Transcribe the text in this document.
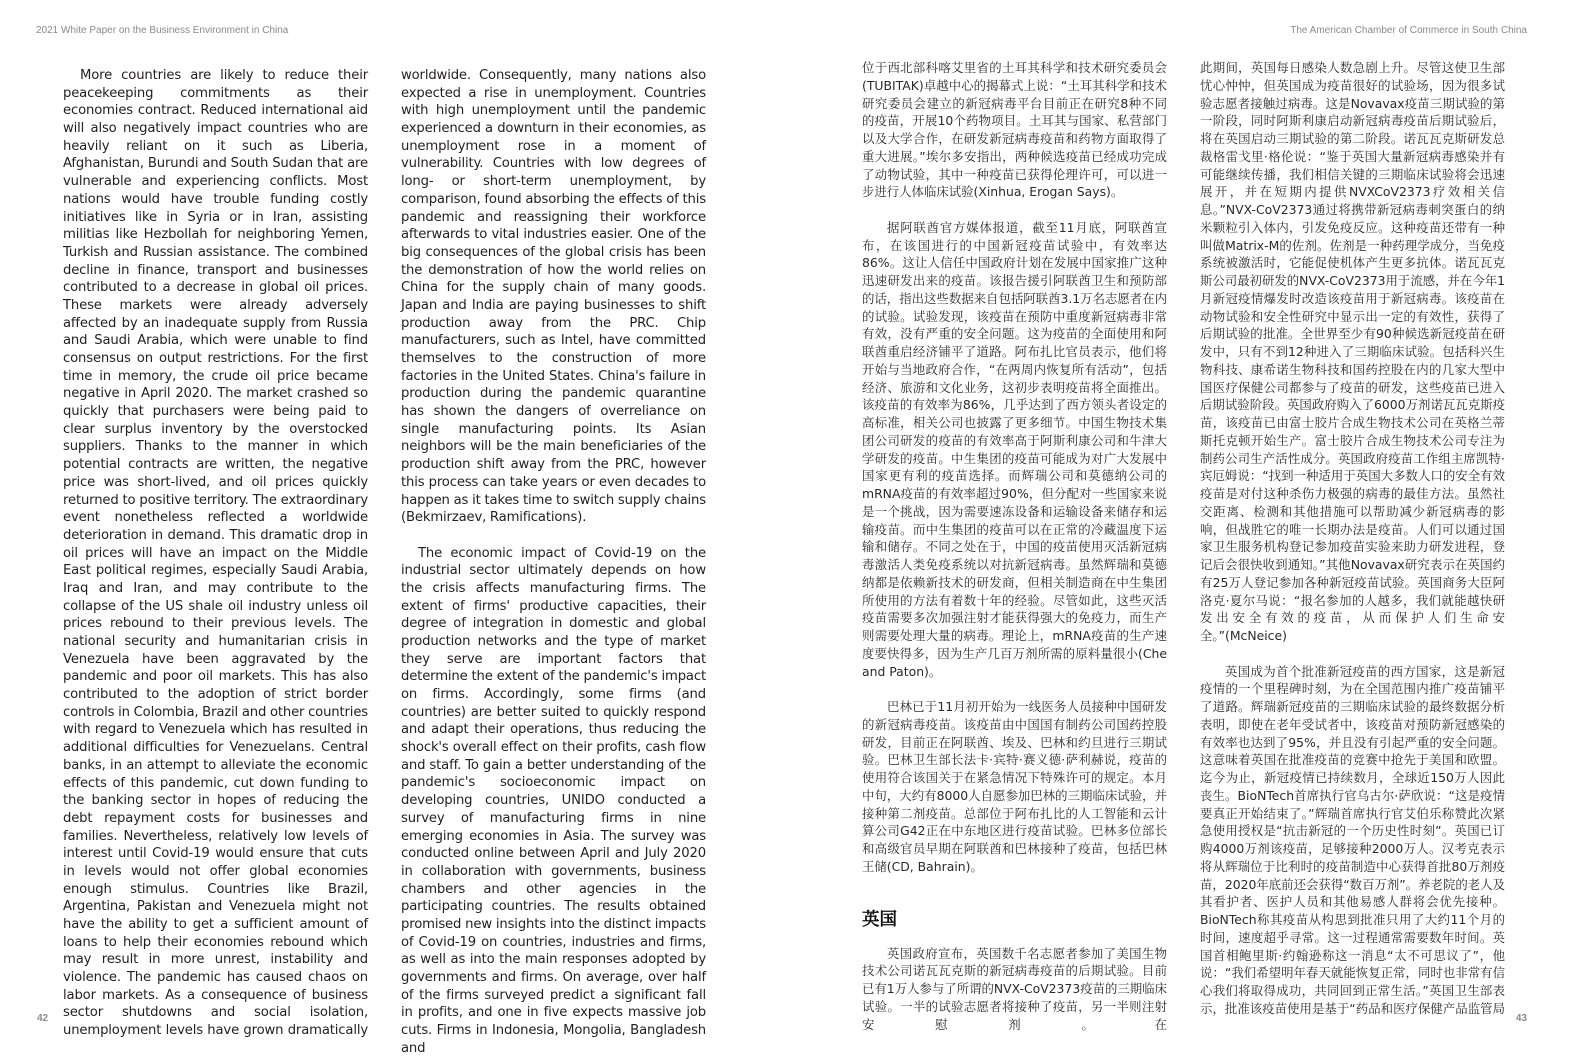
2021 White Paper on the Business Environment in China	The American Chamber of Commerce in South China

More countries are likely to reduce their peacekeeping commitments as their economies contract. Reduced international aid will also negatively impact countries who are heavily reliant on it such as Liberia, Afghanistan, Burundi and South Sudan that are vulnerable and experiencing conflicts. Most nations would have trouble funding costly initiatives like in Syria or in Iran, assisting militias like Hezbollah for neighboring Yemen, Turkish and Russian assistance. The combined decline in finance, transport and businesses contributed to a decrease in global oil prices. These markets were already adversely affected by an inadequate supply from Russia and Saudi Arabia, which were unable to find consensus on output restrictions. For the first time in memory, the crude oil price became negative in April 2020. The market crashed so quickly that purchasers were being paid to clear surplus inventory by the overstocked suppliers. Thanks to the manner in which potential contracts are written, the negative price was short-lived, and oil prices quickly returned to positive territory. The extraordinary event nonetheless reflected a worldwide deterioration in demand. This dramatic drop in oil prices will have an impact on the Middle East political regimes, especially Saudi Arabia, Iraq and Iran, and may contribute to the collapse of the US shale oil industry unless oil prices rebound to their previous levels. The national security and humanitarian crisis in Venezuela have been aggravated by the pandemic and poor oil markets. This has also contributed to the adoption of strict border controls in Colombia, Brazil and other countries with regard to Venezuela which has resulted in additional difficulties for Venezuelans. Central banks, in an attempt to alleviate the economic effects of this pandemic, cut down funding to the banking sector in hopes of reducing the debt repayment costs for businesses and families. Nevertheless, relatively low levels of interest until Covid-19 would ensure that cuts in levels would not offer global economies enough stimulus. Countries like Brazil, Argentina, Pakistan and Venezuela might not have the ability to get a sufficient amount of loans to help their economies rebound which may result in more unrest, instability and violence. The pandemic has caused chaos on labor markets. As a consequence of business sector shutdowns and social isolation, unemployment levels have grown dramatically

worldwide. Consequently, many nations also expected a rise in unemployment. Countries with high unemployment until the pandemic experienced a downturn in their economies, as unemployment rose in a moment of vulnerability. Countries with low degrees of long- or short-term unemployment, by comparison, found absorbing the effects of this pandemic and reassigning their workforce afterwards to vital industries easier. One of the big consequences of the global crisis has been the demonstration of how the world relies on China for the supply chain of many goods. Japan and India are paying businesses to shift production away from the PRC. Chip manufacturers, such as Intel, have committed themselves to the construction of more factories in the United States. China's failure in production during the pandemic quarantine has shown the dangers of overreliance on single manufacturing points. Its Asian neighbors will be the main beneficiaries of the production shift away from the PRC, however this process can take years or even decades to happen as it takes time to switch supply chains (Bekmirzaev, Ramifications).

The economic impact of Covid-19 on the industrial sector ultimately depends on how the crisis affects manufacturing firms. The extent of firms' productive capacities, their degree of integration in domestic and global production networks and the type of market they serve are important factors that determine the extent of the pandemic's impact on firms. Accordingly, some firms (and countries) are better suited to quickly respond and adapt their operations, thus reducing the shock's overall effect on their profits, cash flow and staff. To gain a better understanding of the pandemic's socioeconomic impact on developing countries, UNIDO conducted a survey of manufacturing firms in nine emerging economies in Asia. The survey was conducted online between April and July 2020 in collaboration with governments, business chambers and other agencies in the participating countries. The results obtained promised new insights into the distinct impacts of Covid-19 on countries, industries and firms, as well as into the main responses adopted by governments and firms. On average, over half of the firms surveyed predict a significant fall in profits, and one in five expects massive job cuts. Firms in Indonesia, Mongolia, Bangladesh and

位于西北部科喀艾里省的土耳其科学和技术研究委员会(TUBITAK)卓越中心的揭幕式上说：“土耳其科学和技术研究委员会建立的新冠病毒平台目前正在研究8种不同的疫苗，开展10个药物项目。土耳其与国家、私营部门以及大学合作，在研发新冠病毒疫苗和药物方面取得了重大进展。”埃尔多安指出，两种候选疫苗已经成功完成了动物试验，其中一种疫苗已获得伦理许可，可以进一步进行人体临床试验(Xinhua, Erogan Says)。

据阿联酋官方媒体报道，截至11月底，阿联酋宣布，在该国进行的中国新冠疫苗试验中，有效率达86%。这让人信任中国政府计划在发展中国家推广这种迅速研发出来的疫苗。该报告援引阿联酋卫生和预防部的话，指出这些数据来自包括阿联酋3.1万名志愿者在内的试验。试验发现，该疫苗在预防中重度新冠病毒非常有效，没有严重的安全问题。这为疫苗的全面使用和阿联酋重启经济铺平了道路。阿布扎比官员表示，他们将开始与当地政府合作，“在两周内恢复所有活动”，包括经济、旅游和文化业务，这初步表明疫苗将全面推出。该疫苗的有效率为86%，几乎达到了西方领头者设定的高标准，相关公司也披露了更多细节。中国生物技术集团公司研发的疫苗的有效率高于阿斯利康公司和牛津大学研发的疫苗。中生集团的疫苗可能成为对广大发展中国家更有利的疫苗选择。而辉瑞公司和莫德纳公司的mRNA疫苗的有效率超过90%，但分配对一些国家来说是一个挑战，因为需要速冻设备和运输设备来储存和运输疫苗。而中生集团的疫苗可以在正常的冷藏温度下运输和储存。不同之处在于，中国的疫苗使用灭活新冠病毒激活人类免疫系统以对抗新冠病毒。虽然辉瑞和莫德纳都是依赖新技术的研发商，但相关制造商在中生集团所使用的方法有着数十年的经验。尽管如此，这些灭活疫苗需要多次加强注射才能获得强大的免疫力，而生产则需要处理大量的病毒。理论上，mRNA疫苗的生产速度要快得多，因为生产几百万剂所需的原料量很小(Che and Paton)。

巴林已于11月初开始为一线医务人员接种中国研发的新冠病毒疫苗。该疫苗由中国国有制药公司国药控股研发，目前正在阿联酋、埃及、巴林和约旦进行三期试验。巴林卫生部长法卡·宾特·赛义德·萨利赫说，疫苗的使用符合该国关于在紧急情况下特殊许可的规定。本月中旬，大约有8000人自愿参加巴林的三期临床试验，并接种第二剂疫苗。总部位于阿布扎比的人工智能和云计算公司G42正在中东地区进行疫苗试验。巴林多位部长和高级官员早期在阿联酋和巴林接种了疫苗，包括巴林王储(CD, Bahrain)。

英国

英国政府宣布，英国数千名志愿者参加了美国生物技术公司诺瓦瓦克斯的新冠病毒疫苗的后期试验。目前已有1万人参与了所谓的NVX-CoV2373疫苗的三期临床试验。一半的试验志愿者将接种了疫苗，另一半则注射安慰剂。在

此期间，英国每日感染人数急剧上升。尽管这使卫生部忧心忡忡，但英国成为疫苗很好的试验场，因为很多试验志愿者接触过病毒。这是Novavax疫苗三期试验的第一阶段，同时阿斯利康启动新冠病毒疫苗后期试验后，将在英国启动三期试验的第二阶段。诺瓦瓦克斯研发总裁格雷戈里·格伦说：“鉴于英国大量新冠病毒感染并有可能继续传播，我们相信关键的三期临床试验将会迅速展开，并在短期内提供NVXCoV2373疗效相关信息。”NVX-CoV2373通过将携带新冠病毒刺突蛋白的纳米颗粒引入体内，引发免疫反应。这种疫苗还带有一种叫做Matrix-M的佐剂。佐剂是一种药理学成分，当免疫系统被激活时，它能促使机体产生更多抗体。诺瓦瓦克斯公司最初研发的NVX-CoV2373用于流感，并在今年1月新冠疫情爆发时改造该疫苗用于新冠病毒。该疫苗在动物试验和安全性研究中显示出一定的有效性，获得了后期试验的批准。全世界至少有90种候选新冠疫苗在研发中，只有不到12种进入了三期临床试验。包括科兴生物科技、康希诺生物科技和国药控股在内的几家大型中国医疗保健公司都参与了疫苗的研发，这些疫苗已进入后期试验阶段。英国政府购入了6000万剂诺瓦瓦克斯疫苗，该疫苗已由富士胶片合成生物技术公司在英格兰蒂斯托克顿开始生产。富士胶片合成生物技术公司专注为制药公司生产活性成分。英国政府疫苗工作组主席凯特·宾厄姆说：“找到一种适用于英国大多数人口的安全有效疫苗是对付这种杀伤力极强的病毒的最佳方法。虽然社交距离、检测和其他措施可以帮助减少新冠病毒的影响，但战胜它的唯一长期办法是疫苗。人们可以通过国家卫生服务机构登记参加疫苗实验来助力研发进程，登记后会很快收到通知。”其他Novavax研究表示在英国约有25万人登记参加各种新冠疫苗试验。英国商务大臣阿洛克·夏尔马说：“报名参加的人越多，我们就能越快研发出安全有效的疫苗，从而保护人们生命安全。”(McNeice)

英国成为首个批准新冠疫苗的西方国家，这是新冠疫情的一个里程碑时刻，为在全国范围内推广疫苗铺平了道路。辉瑞新冠疫苗的三期临床试验的最终数据分析表明，即使在老年受试者中，该疫苗对预防新冠感染的有效率也达到了95%，并且没有引起严重的安全问题。这意味着英国在批准疫苗的竞赛中抢先于美国和欧盟。迄今为止，新冠疫情已持续数月，全球近150万人因此丧生。BioNTech首席执行官乌古尔·萨欣说：“这是疫情要真正开始结束了。”辉瑞首席执行官艾伯乐称赞此次紧急使用授权是“抗击新冠的一个历史性时刻”。英国已订购4000万剂该疫苗，足够接种2000万人。汉考克表示将从辉瑞位于比利时的疫苗制造中心获得首批80万剂疫苗，2020年底前还会获得“数百万剂”。养老院的老人及其看护者、医护人员和其他易感人群将会优先接种。BioNTech称其疫苗从构思到批准只用了大约11个月的时间，速度超乎寻常。这一过程通常需要数年时间。英国首相鲍里斯·约翰逊称这一消息“太不可思议了”，他说：“我们希望明年春天就能恢复正常，同时也非常有信心我们将取得成功，共同回到正常生活。”英国卫生部表示，批准该疫苗使用是基于“药品和医疗保健产品监管局

42	43
